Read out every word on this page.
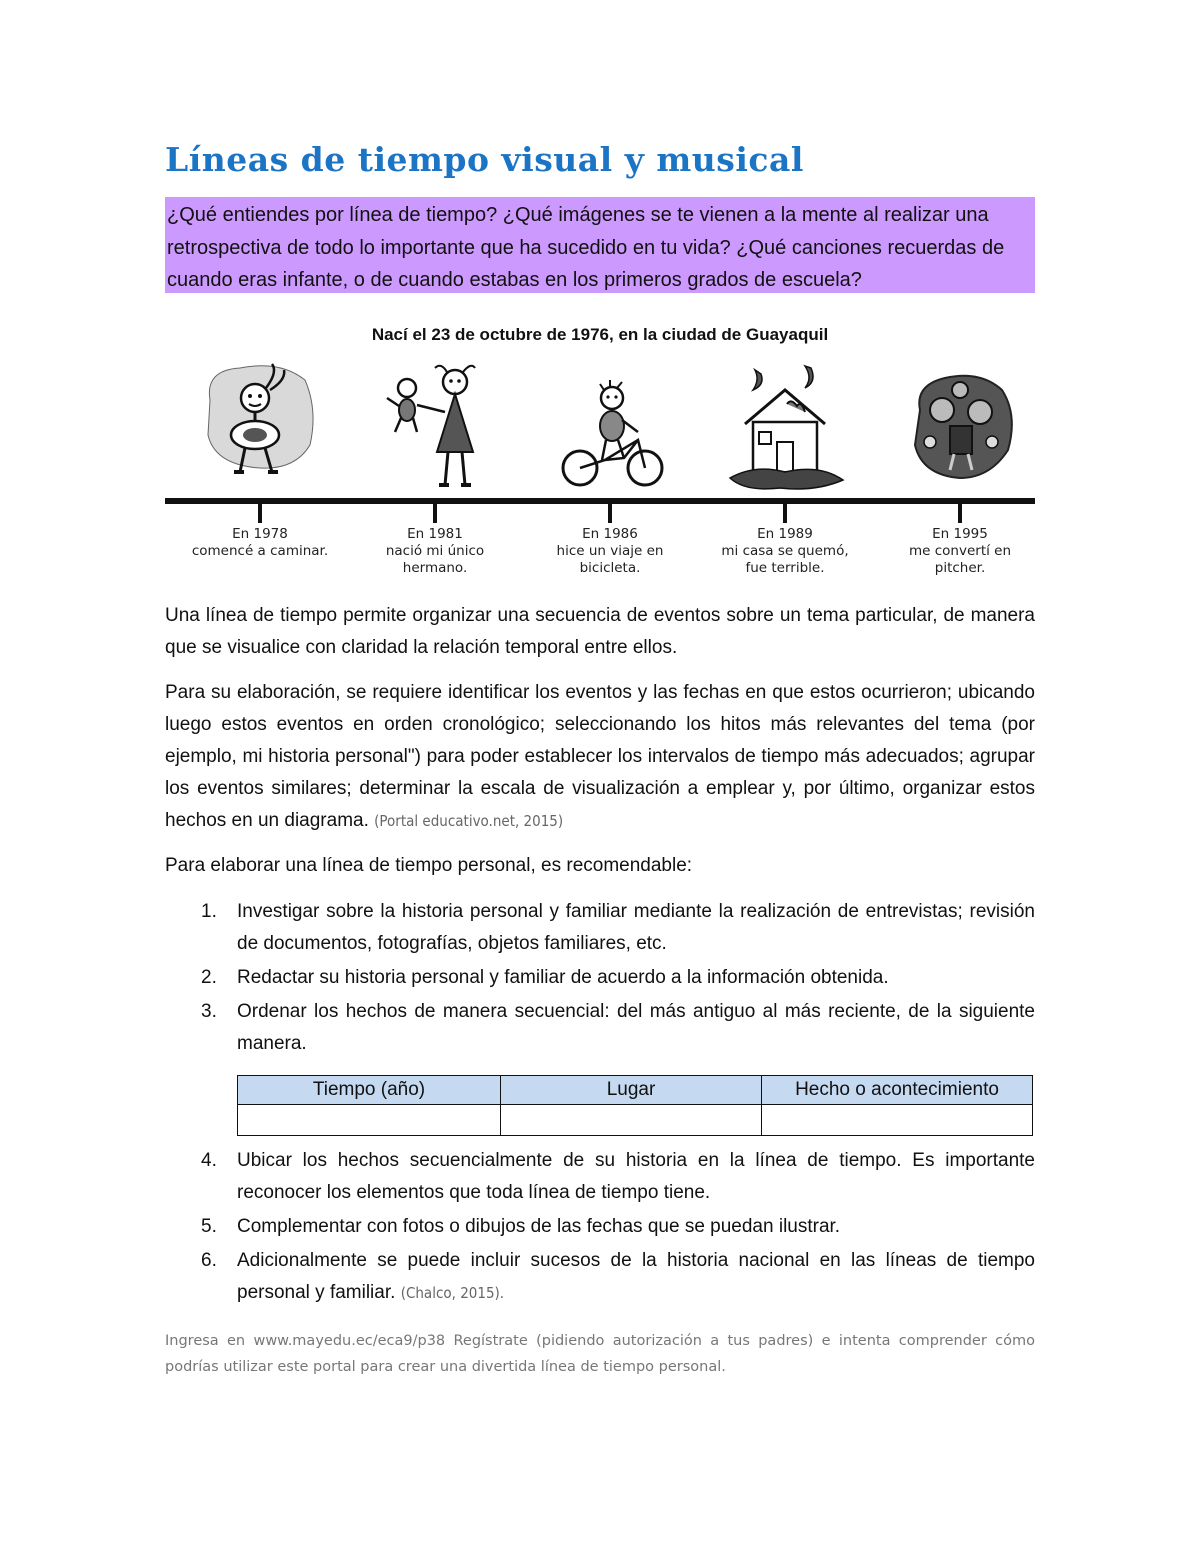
Líneas de tiempo visual y musical

¿Qué entiendes por línea de tiempo? ¿Qué imágenes se te vienen a la mente al realizar una retrospectiva de todo lo importante que ha sucedido en tu vida? ¿Qué canciones recuerdas de cuando eras infante, o de cuando estabas en los primeros grados de escuela?

Nací el 23 de octubre de 1976, en la ciudad de Guayaquil
En 1978
comencé a caminar.
En 1981
nació mi único hermano.
En 1986
hice un viaje en bicicleta.
En 1989
mi casa se quemó, fue terrible.
En 1995
me convertí en pitcher.

Una línea de tiempo permite organizar una secuencia de eventos sobre un tema particular, de manera que se visualice con claridad la relación temporal entre ellos.

Para su elaboración, se requiere identificar los eventos y las fechas en que estos ocurrieron; ubicando luego estos eventos en orden cronológico; seleccionando los hitos más relevantes del tema (por ejemplo, mi historia personal") para poder establecer los intervalos de tiempo más adecuados; agrupar los eventos similares; determinar la escala de visualización a emplear y, por último, organizar estos hechos en un diagrama. (Portal educativo.net, 2015)

Para elaborar una línea de tiempo personal, es recomendable:

1. Investigar sobre la historia personal y familiar mediante la realización de entrevistas; revisión de documentos, fotografías, objetos familiares, etc.
2. Redactar su historia personal y familiar de acuerdo a la información obtenida.
3. Ordenar los hechos de manera secuencial: del más antiguo al más reciente, de la siguiente manera.
Tiempo (año)	Lugar	Hecho o acontecimiento

4. Ubicar los hechos secuencialmente de su historia en la línea de tiempo. Es importante reconocer los elementos que toda línea de tiempo tiene.
5. Complementar con fotos o dibujos de las fechas que se puedan ilustrar.
6. Adicionalmente se puede incluir sucesos de la historia nacional en las líneas de tiempo personal y familiar. (Chalco, 2015).

Ingresa en www.mayedu.ec/eca9/p38 Regístrate (pidiendo autorización a tus padres) e intenta comprender cómo podrías utilizar este portal para crear una divertida línea de tiempo personal.
